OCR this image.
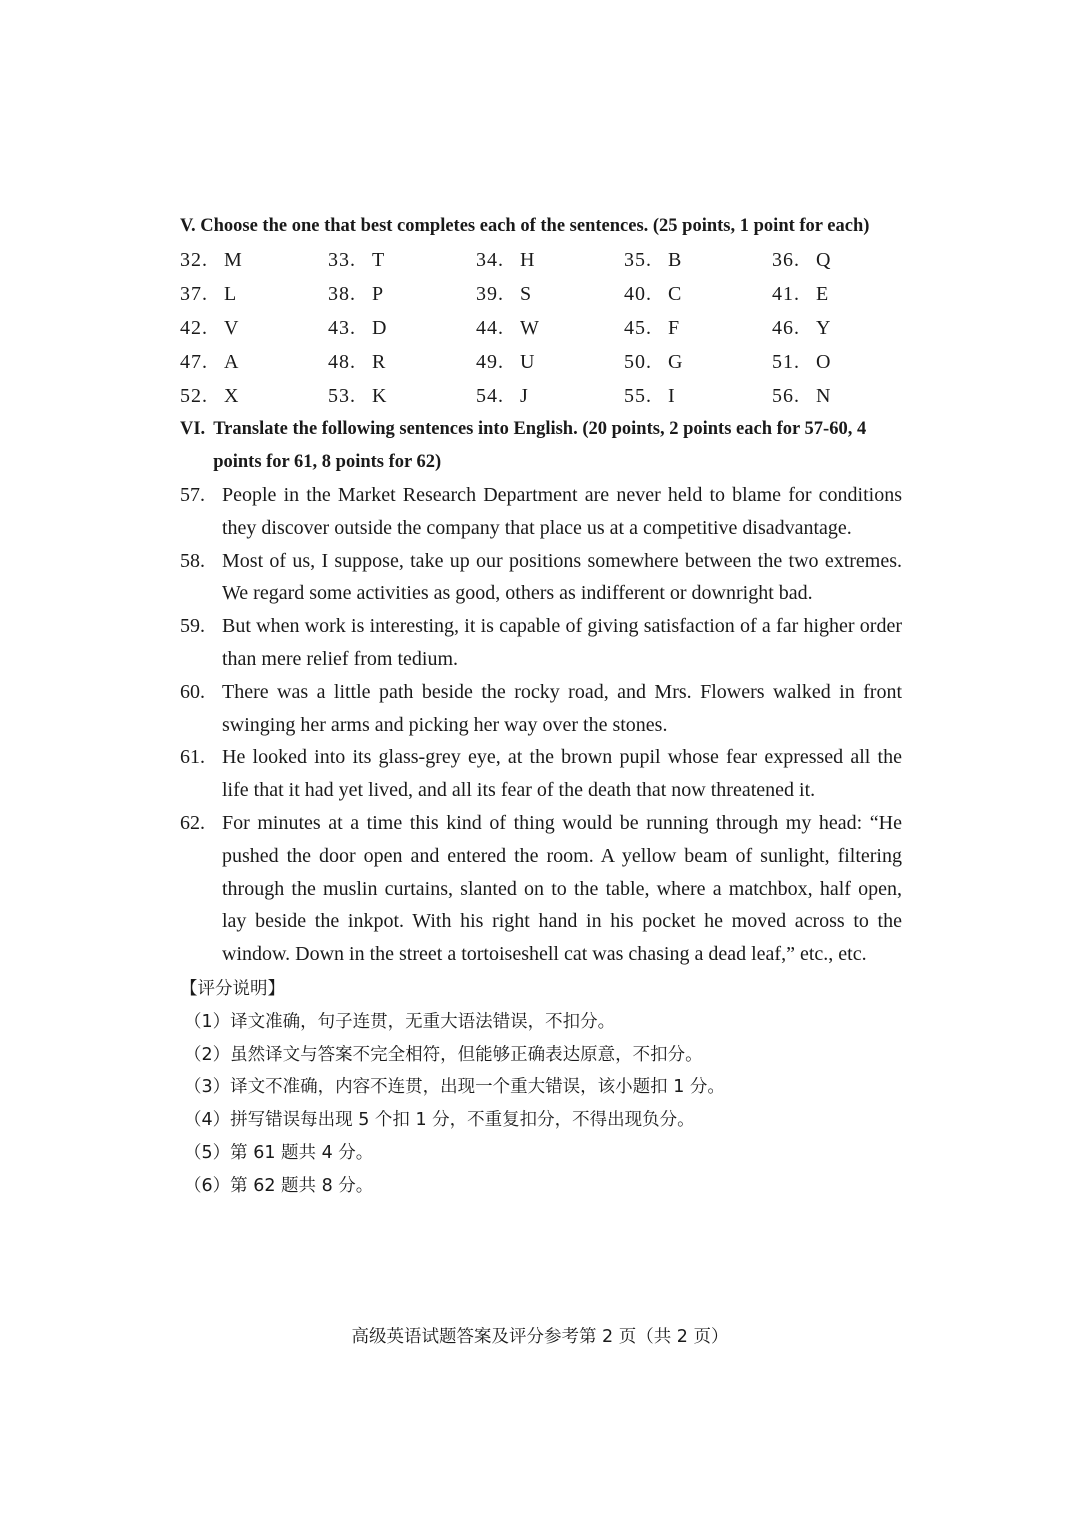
V. Choose the one that best completes each of the sentences. (25 points, 1 point for each)
32. M	33. T	34. H	35. B	36. Q
37. L	38. P	39. S	40. C	41. E
42. V	43. D	44. W	45. F	46. Y
47. A	48. R	49. U	50. G	51. O
52. X	53. K	54. J	55. I	56. N
VI. Translate the following sentences into English. (20 points, 2 points each for 57-60, 4 points for 61, 8 points for 62)
57. People in the Market Research Department are never held to blame for conditions they discover outside the company that place us at a competitive disadvantage.
58. Most of us, I suppose, take up our positions somewhere between the two extremes. We regard some activities as good, others as indifferent or downright bad.
59. But when work is interesting, it is capable of giving satisfaction of a far higher order than mere relief from tedium.
60. There was a little path beside the rocky road, and Mrs. Flowers walked in front swinging her arms and picking her way over the stones.
61. He looked into its glass-grey eye, at the brown pupil whose fear expressed all the life that it had yet lived, and all its fear of the death that now threatened it.
62. For minutes at a time this kind of thing would be running through my head: “He pushed the door open and entered the room. A yellow beam of sunlight, filtering through the muslin curtains, slanted on to the table, where a matchbox, half open, lay beside the inkpot. With his right hand in his pocket he moved across to the window. Down in the street a tortoiseshell cat was chasing a dead leaf,” etc., etc.
【评分说明】
（1）译文准确，句子连贯，无重大语法错误，不扣分。
（2）虽然译文与答案不完全相符，但能够正确表达原意，不扣分。
（3）译文不准确，内容不连贯，出现一个重大错误，该小题扣 1 分。
（4）拼写错误每出现 5 个扣 1 分，不重复扣分，不得出现负分。
（5）第 61 题共 4 分。
（6）第 62 题共 8 分。
高级英语试题答案及评分参考第 2 页（共 2 页）
